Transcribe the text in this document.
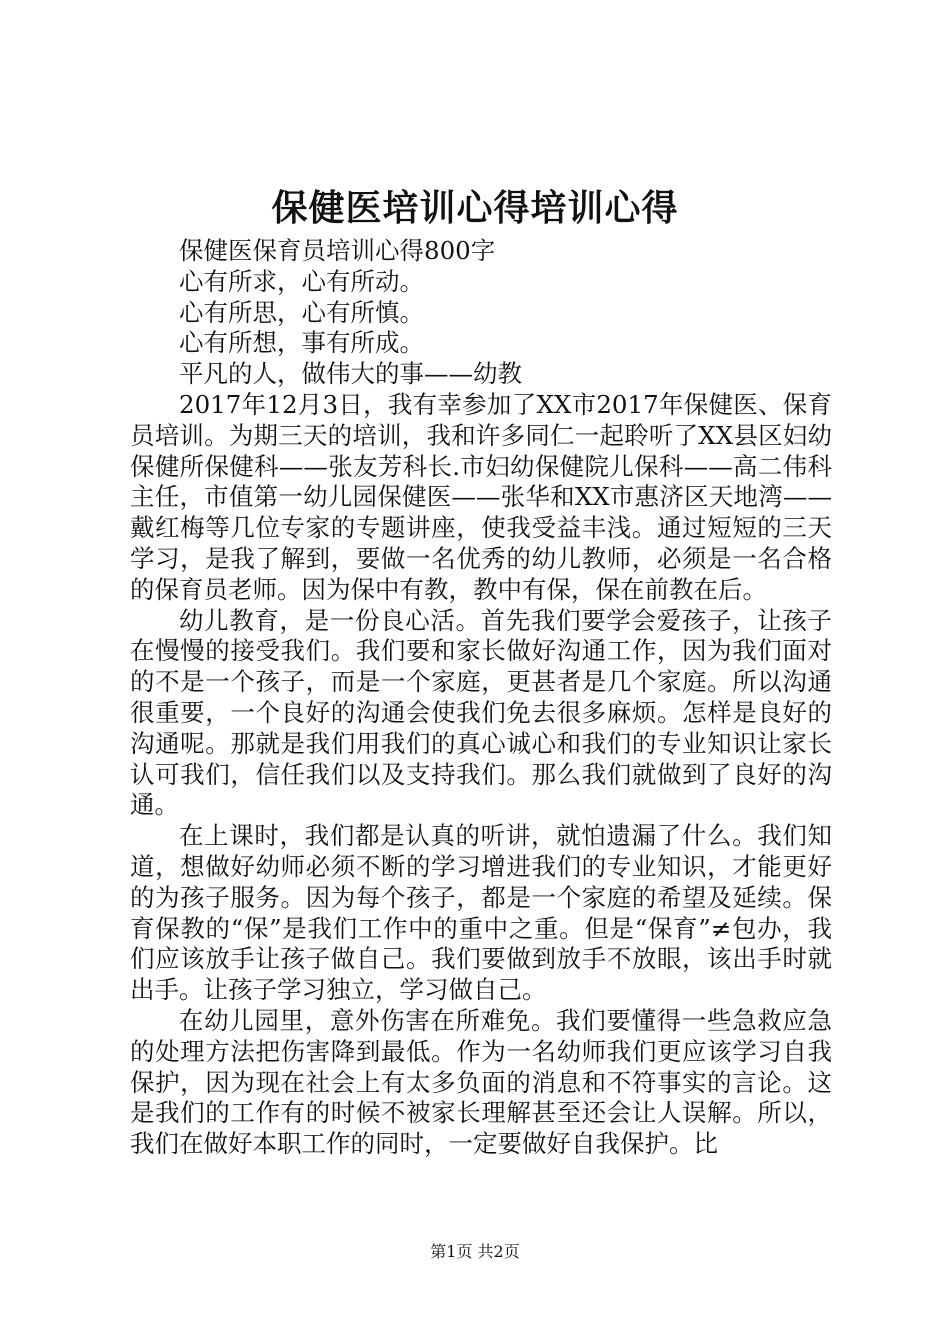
保健医培训心得培训心得

保健医保育员培训心得800字

心有所求，心有所动。

心有所思，心有所慎。

心有所想，事有所成。

平凡的人，做伟大的事——幼教

2017年12月3日，我有幸参加了XX市2017年保健医、保育员培训。为期三天的培训，我和许多同仁一起聆听了XX县区妇幼保健所保健科——张友芳科长.市妇幼保健院儿保科——高二伟科主任，市值第一幼儿园保健医——张华和XX市惠济区天地湾——戴红梅等几位专家的专题讲座，使我受益丰浅。通过短短的三天学习，是我了解到，要做一名优秀的幼儿教师，必须是一名合格的保育员老师。因为保中有教，教中有保，保在前教在后。

幼儿教育，是一份良心活。首先我们要学会爱孩子，让孩子在慢慢的接受我们。我们要和家长做好沟通工作，因为我们面对的不是一个孩子，而是一个家庭，更甚者是几个家庭。所以沟通很重要，一个良好的沟通会使我们免去很多麻烦。怎样是良好的沟通呢。那就是我们用我们的真心诚心和我们的专业知识让家长认可我们，信任我们以及支持我们。那么我们就做到了良好的沟通。

在上课时，我们都是认真的听讲，就怕遗漏了什么。我们知道，想做好幼师必须不断的学习增进我们的专业知识，才能更好的为孩子服务。因为每个孩子，都是一个家庭的希望及延续。保育保教的“保”是我们工作中的重中之重。但是“保育”≠包办，我们应该放手让孩子做自己。我们要做到放手不放眼，该出手时就出手。让孩子学习独立，学习做自己。

在幼儿园里，意外伤害在所难免。我们要懂得一些急救应急的处理方法把伤害降到最低。作为一名幼师我们更应该学习自我保护，因为现在社会上有太多负面的消息和不符事实的言论。这是我们的工作有的时候不被家长理解甚至还会让人误解。所以，我们在做好本职工作的同时，一定要做好自我保护。比

第1页 共2页
